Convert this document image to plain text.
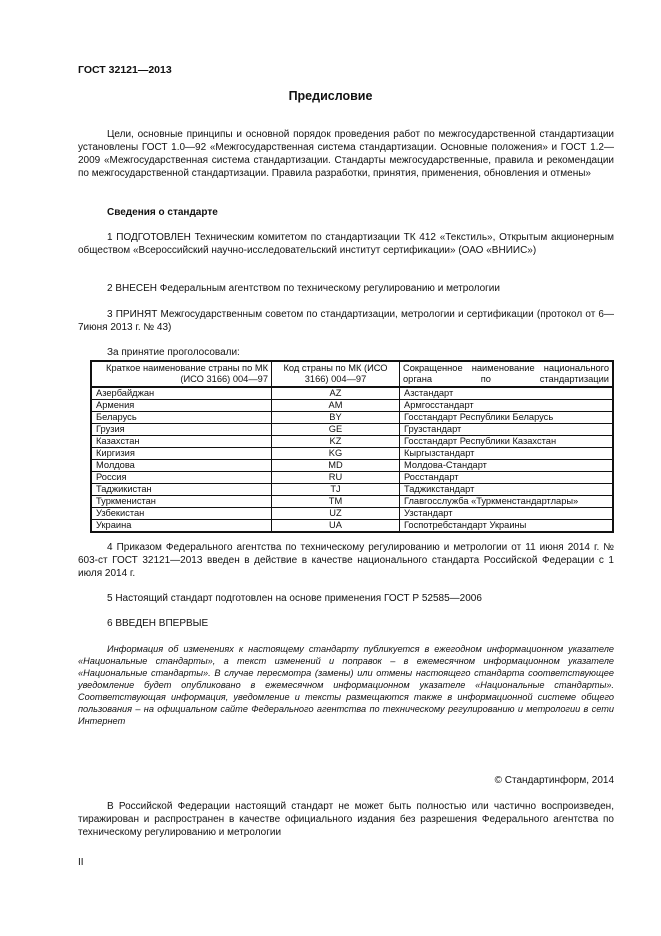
ГОСТ 32121—2013
Предисловие
Цели, основные принципы и основной порядок проведения работ по межгосударственной стандартизации установлены ГОСТ 1.0—92 «Межгосударственная система стандартизации. Основные положения» и ГОСТ 1.2—2009 «Межгосударственная система стандартизации. Стандарты межгосударственные, правила и рекомендации по межгосударственной стандартизации. Правила разработки, принятия, применения, обновления и отмены»
Сведения о стандарте
1 ПОДГОТОВЛЕН Техническим комитетом по стандартизации ТК 412 «Текстиль», Открытым акционерным обществом «Всероссийский научно-исследовательский институт сертификации» (ОАО «ВНИИС»)
2 ВНЕСЕН Федеральным агентством по техническому регулированию и метрологии
3 ПРИНЯТ Межгосударственным советом по стандартизации, метрологии и сертификации (протокол от 6—7июня 2013 г. № 43)
За принятие проголосовали:
Краткое наименование страны по МК (ИСО 3166) 004—97	Код страны по МК (ИСО 3166) 004—97	Сокращенное наименование национального органа по стандартизации
Азербайджан	AZ	Азстандарт
Армения	AM	Армгосстандарт
Беларусь	BY	Госстандарт Республики Беларусь
Грузия	GE	Грузстандарт
Казахстан	KZ	Госстандарт Республики Казахстан
Киргизия	KG	Кыргызстандарт
Молдова	MD	Молдова-Стандарт
Россия	RU	Росстандарт
Таджикистан	TJ	Таджикстандарт
Туркменистан	TM	Главгосслужба «Туркменстандартлары»
Узбекистан	UZ	Узстандарт
Украина	UA	Госпотребстандарт Украины
4 Приказом Федерального агентства по техническому регулированию и метрологии от 11 июня 2014 г. № 603-ст ГОСТ 32121—2013 введен в действие в качестве национального стандарта Российской Федерации с 1 июля 2014 г.
5 Настоящий стандарт подготовлен на основе применения ГОСТ Р 52585—2006
6 ВВЕДЕН ВПЕРВЫЕ
Информация об изменениях к настоящему стандарту публикуется в ежегодном информационном указателе «Национальные стандарты», а текст изменений и поправок – в ежемесячном информационном указателе «Национальные стандарты». В случае пересмотра (замены) или отмены настоящего стандарта соответствующее уведомление будет опубликовано в ежемесячном информационном указателе «Национальные стандарты». Соответствующая информация, уведомление и тексты размещаются также в информационной системе общего пользования – на официальном сайте Федерального агентства по техническому регулированию и метрологии в сети Интернет
© Стандартинформ, 2014
В Российской Федерации настоящий стандарт не может быть полностью или частично воспроизведен, тиражирован и распространен в качестве официального издания без разрешения Федерального агентства по техническому регулированию и метрологии
II
